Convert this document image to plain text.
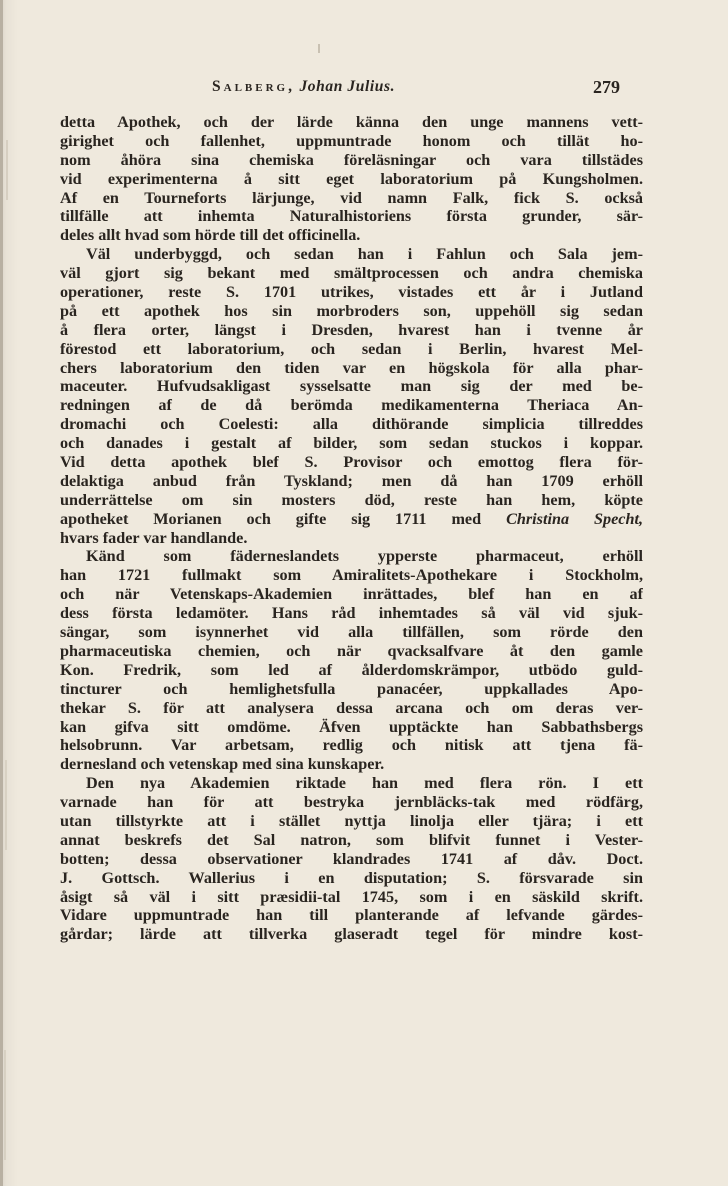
Salberg, Johan Julius.	279
detta Apothek, och der lärde känna den unge mannens vett-
girighet och fallenhet, uppmuntrade honom och tillät ho-
nom åhöra sina chemiska föreläsningar och vara tillstädes
vid experimenterna å sitt eget laboratorium på Kungsholmen.
Af en Tourneforts lärjunge, vid namn Falk, fick S. också
tillfälle att inhemta Naturalhistoriens första grunder, sär-
deles allt hvad som hörde till det officinella.
Väl underbyggd, och sedan han i Fahlun och Sala jem-
väl gjort sig bekant med smältprocessen och andra chemiska
operationer, reste S. 1701 utrikes, vistades ett år i Jutland
på ett apothek hos sin morbroders son, uppehöll sig sedan
å flera orter, längst i Dresden, hvarest han i tvenne år
förestod ett laboratorium, och sedan i Berlin, hvarest Mel-
chers laboratorium den tiden var en högskola för alla phar-
maceuter. Hufvudsakligast sysselsatte man sig der med be-
redningen af de då berömda medikamenterna Theriaca An-
dromachi och Coelesti: alla dithörande simplicia tillreddes
och danades i gestalt af bilder, som sedan stuckos i koppar.
Vid detta apothek blef S. Provisor och emottog flera för-
delaktiga anbud från Tyskland; men då han 1709 erhöll
underrättelse om sin mosters död, reste han hem, köpte
apotheket Morianen och gifte sig 1711 med Christina Specht,
hvars fader var handlande.
Känd som fäderneslandets ypperste pharmaceut, erhöll
han 1721 fullmakt som Amiralitets-Apothekare i Stockholm,
och när Vetenskaps-Akademien inrättades, blef han en af
dess första ledamöter. Hans råd inhemtades så väl vid sjuk-
sängar, som isynnerhet vid alla tillfällen, som rörde den
pharmaceutiska chemien, och när qvacksalfvare åt den gamle
Kon. Fredrik, som led af ålderdomskrämpor, utbödo guld-
tincturer och hemlighetsfulla panacéer, uppkallades Apo-
thekar S. för att analysera dessa arcana och om deras ver-
kan gifva sitt omdöme. Äfven upptäckte han Sabbathsbergs
helsobrunn. Var arbetsam, redlig och nitisk att tjena fä-
dernesland och vetenskap med sina kunskaper.
Den nya Akademien riktade han med flera rön. I ett
varnade han för att bestryka jernbläcks-tak med rödfärg,
utan tillstyrkte att i stället nyttja linolja eller tjära; i ett
annat beskrefs det Sal natron, som blifvit funnet i Vester-
botten; dessa observationer klandrades 1741 af dåv. Doct.
J. Gottsch. Wallerius i en disputation; S. försvarade sin
åsigt så väl i sitt præsidii-tal 1745, som i en säskild skrift.
Vidare uppmuntrade han till planterande af lefvande gärdes-
gårdar; lärde att tillverka glaseradt tegel för mindre kost-
